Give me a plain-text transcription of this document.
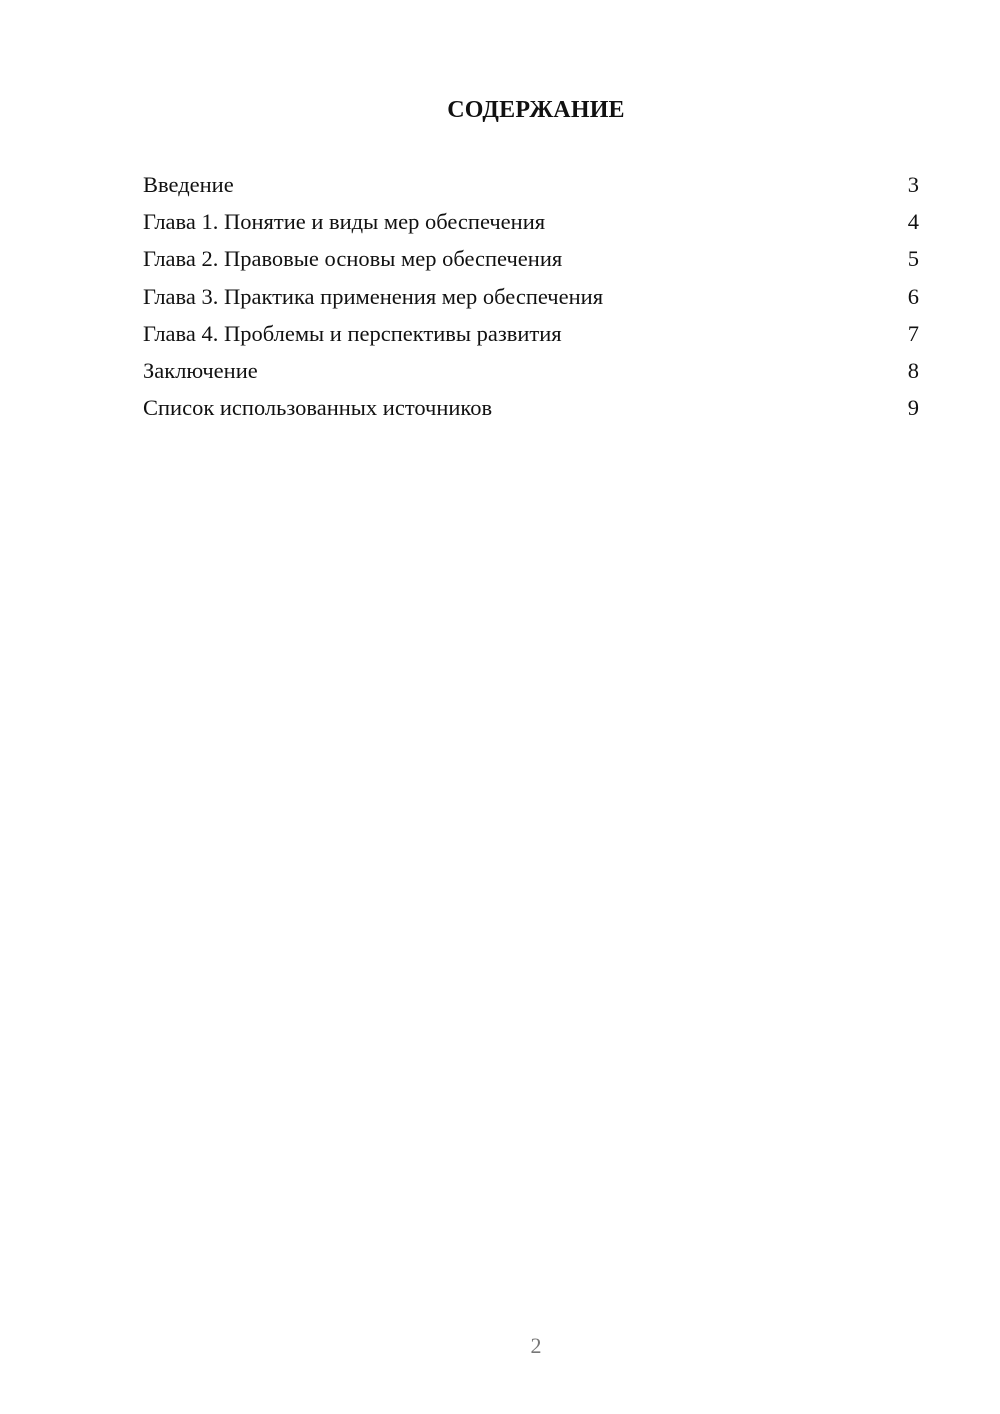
СОДЕРЖАНИЕ
Введение	3
Глава 1. Понятие и виды мер обеспечения	4
Глава 2. Правовые основы мер обеспечения	5
Глава 3. Практика применения мер обеспечения	6
Глава 4. Проблемы и перспективы развития	7
Заключение	8
Список использованных источников	9
2
